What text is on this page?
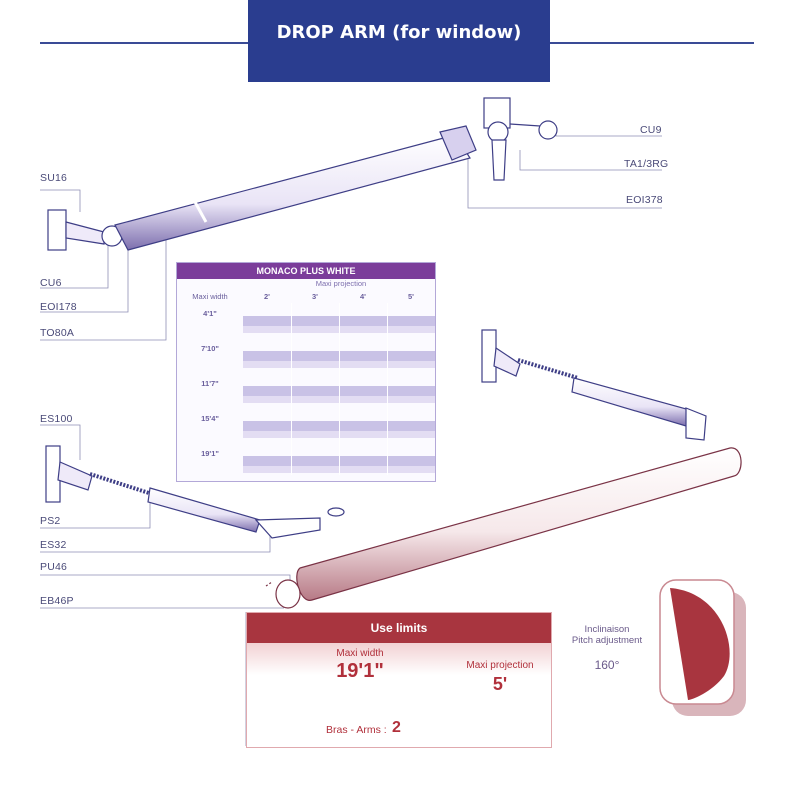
DROP ARM (for window)
SU16
CU6
EOI178
TO80A
CU9
TA1/3RG
EOI378
ES100
PS2
ES32
PU46
EB46P
MONACO PLUS WHITE
Maxi projection
Maxi width	2'	3'	4'	5'
4'1"
7'10"
11'7"
15'4"
19'1"
Use limits
Maxi width
19'1"	Maxi projection
5'
Bras - Arms : 2
Inclinaison
Pitch adjustment
160°
